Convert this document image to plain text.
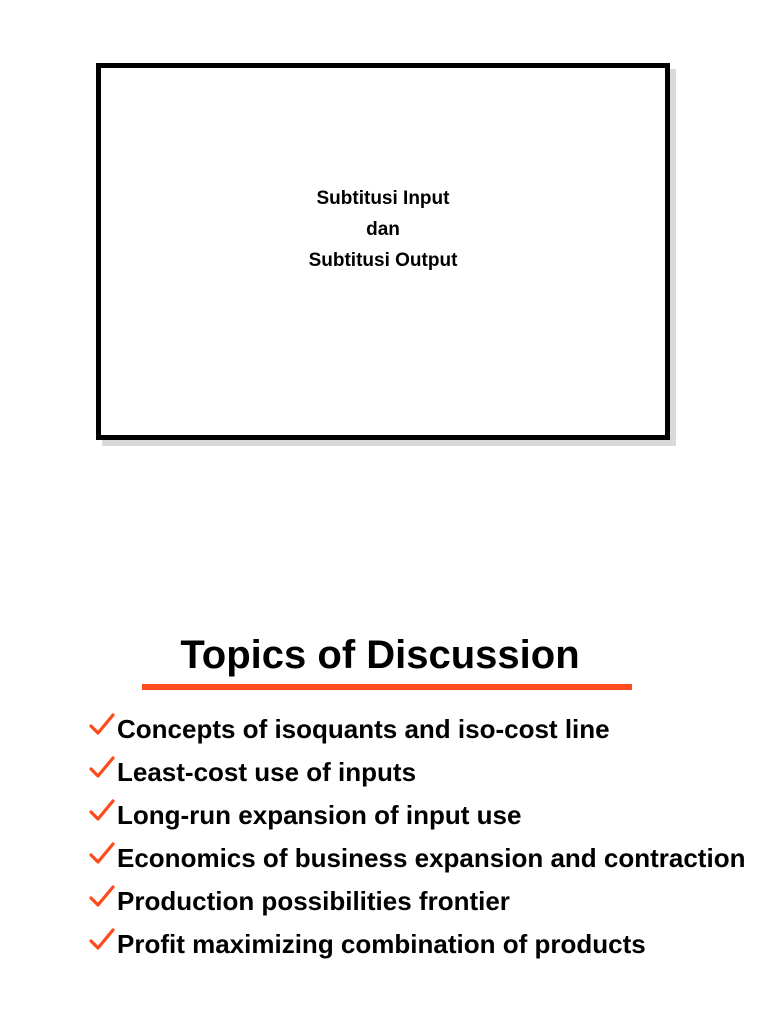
Subtitusi Input
dan
Subtitusi Output
Topics of Discussion
Concepts of isoquants and iso-cost line
Least-cost use of inputs
Long-run expansion of input use
Economics of business expansion and contraction
Production possibilities frontier
Profit maximizing combination of products
